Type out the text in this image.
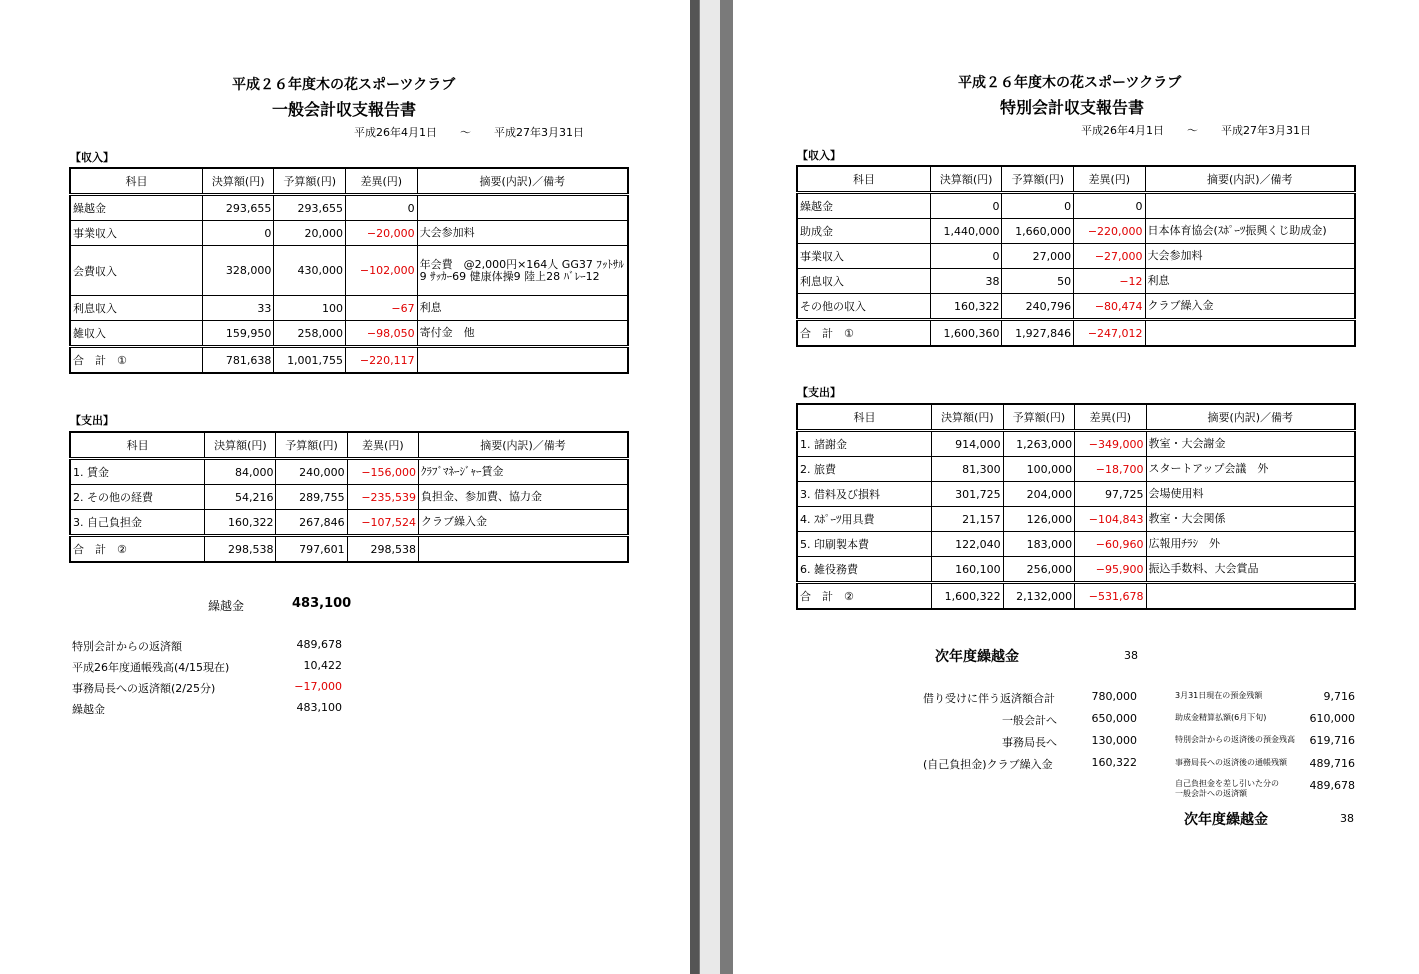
平成２６年度木の花スポーツクラブ
一般会計収支報告書
平成26年4月1日 ～ 平成27年3月31日
【収入】
科目	決算額(円)	予算額(円)	差異(円)	摘要(内訳)／備考
繰越金	293,655	293,655	0	
事業収入	0	20,000	−20,000	大会参加料
会費収入	328,000	430,000	−102,000	年会費　@2,000円×164人 GG37 ﾌｯﾄｻﾙ9 ｻｯｶｰ69 健康体操9 陸上28 ﾊﾞﾚｰ12
利息収入	33	100	−67	利息
雑収入	159,950	258,000	−98,050	寄付金　他
合　計　①	781,638	1,001,755	−220,117	
【支出】
科目	決算額(円)	予算額(円)	差異(円)	摘要(内訳)／備考
1. 賃金	84,000	240,000	−156,000	ｸﾗﾌﾞﾏﾈｰｼﾞｬｰ賃金
2. その他の経費	54,216	289,755	−235,539	負担金、参加費、協力金
3. 自己負担金	160,322	267,846	−107,524	クラブ繰入金
合　計　②	298,538	797,601	298,538	
繰越金	483,100
特別会計からの返済額	489,678
平成26年度通帳残高(4/15現在)	10,422
事務局長への返済額(2/25分)	−17,000
繰越金	483,100
平成２６年度木の花スポーツクラブ
特別会計収支報告書
平成26年4月1日 ～ 平成27年3月31日
【収入】
科目	決算額(円)	予算額(円)	差異(円)	摘要(内訳)／備考
繰越金	0	0	0	
助成金	1,440,000	1,660,000	−220,000	日本体育協会(ｽﾎﾟｰﾂ振興くじ助成金)
事業収入	0	27,000	−27,000	大会参加料
利息収入	38	50	−12	利息
その他の収入	160,322	240,796	−80,474	クラブ繰入金
合　計　①	1,600,360	1,927,846	−247,012	
【支出】
科目	決算額(円)	予算額(円)	差異(円)	摘要(内訳)／備考
1. 諸謝金	914,000	1,263,000	−349,000	教室・大会謝金
2. 旅費	81,300	100,000	−18,700	スタートアップ会議　外
3. 借料及び損料	301,725	204,000	97,725	会場使用料
4. ｽﾎﾟｰﾂ用具費	21,157	126,000	−104,843	教室・大会関係
5. 印刷製本費	122,040	183,000	−60,960	広報用ﾁﾗｼ　外
6. 雑役務費	160,100	256,000	−95,900	振込手数料、大会賞品
合　計　②	1,600,322	2,132,000	−531,678	
次年度繰越金	38
借り受けに伴う返済額合計	780,000
一般会計へ	650,000
事務局長へ	130,000
(自己負担金)クラブ繰入金	160,322
3月31日現在の預金残額	9,716
助成金精算払額(6月下旬)	610,000
特別会計からの返済後の預金残高 619,716
事務局長への返済後の通帳残額 489,716
自己負担金を差し引いた分の一般会計への返済額
489,678
次年度繰越金	38
